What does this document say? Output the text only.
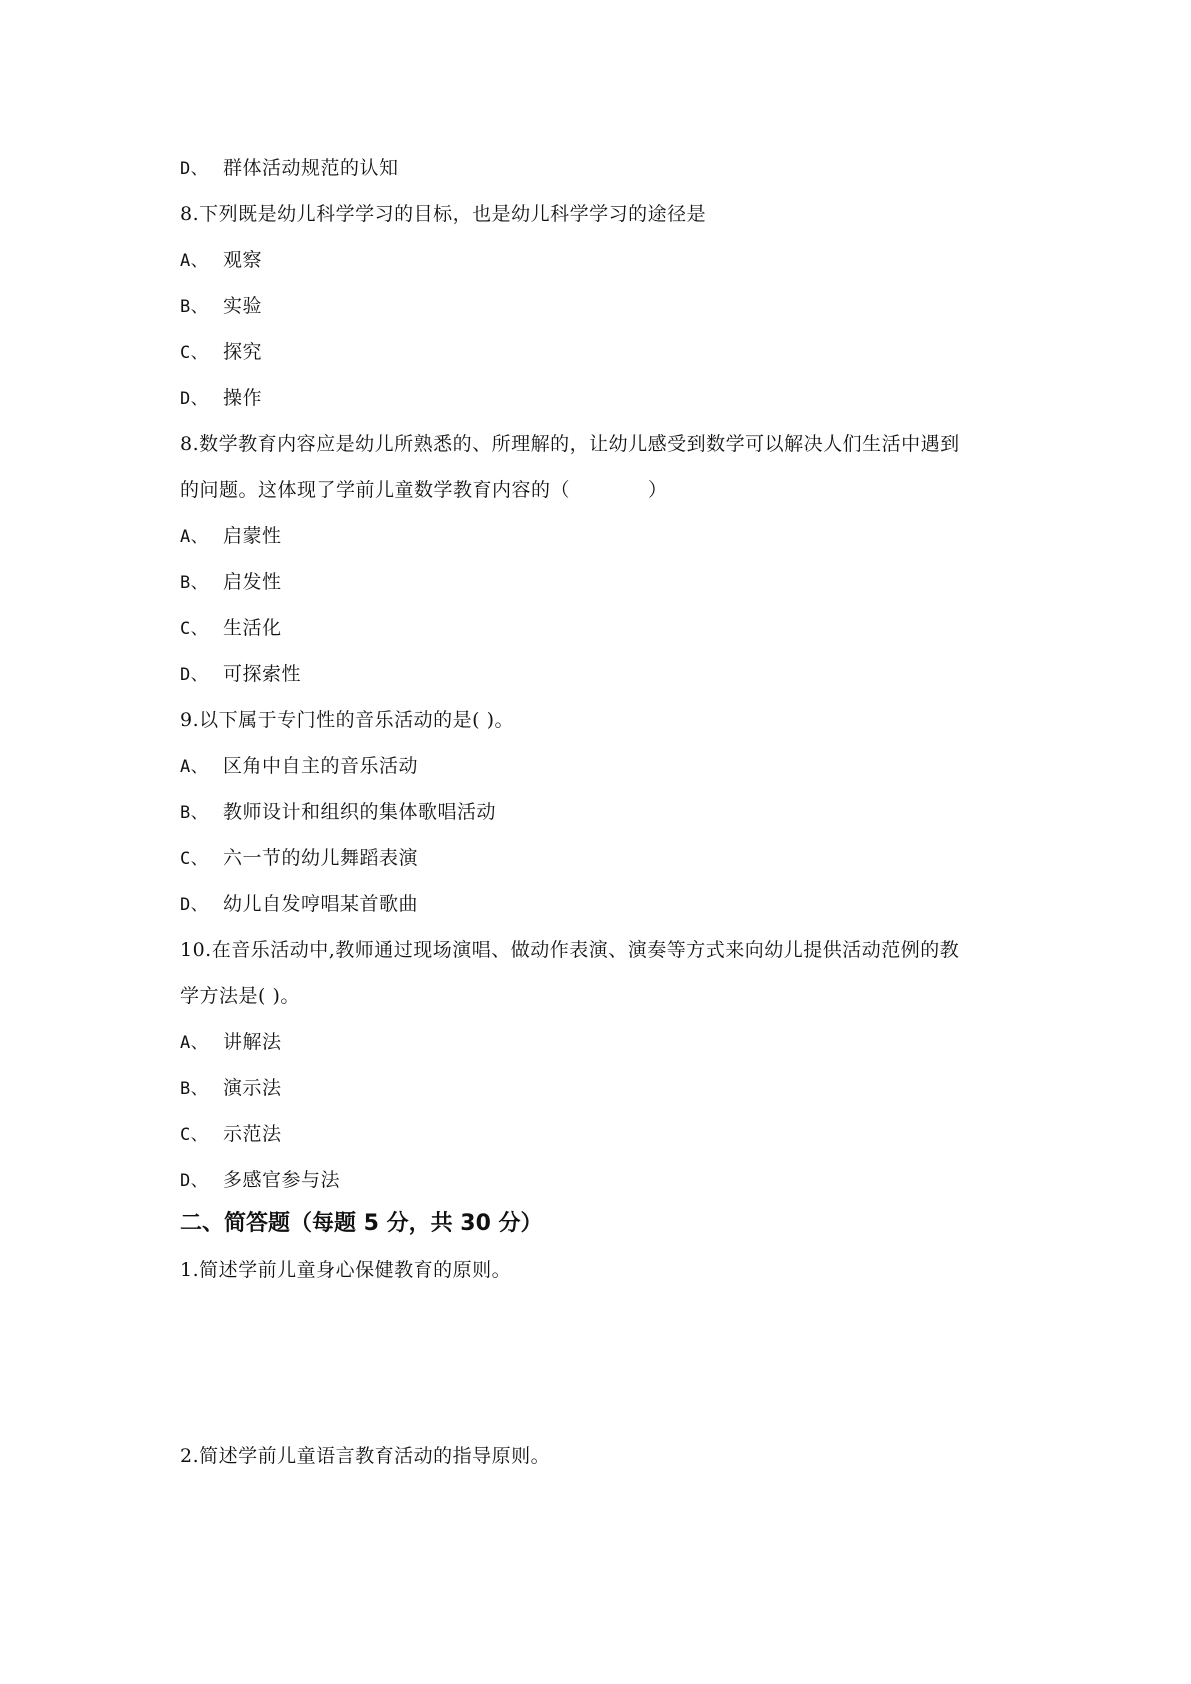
D、 群体活动规范的认知
8.下列既是幼儿科学学习的目标，也是幼儿科学学习的途径是
A、 观察
B、 实验
C、 探究
D、 操作
8.数学教育内容应是幼儿所熟悉的、所理解的，让幼儿感受到数学可以解决人们生活中遇到
的问题。这体现了学前儿童数学教育内容的（　　　　）
A、 启蒙性
B、 启发性
C、 生活化
D、 可探索性
9.以下属于专门性的音乐活动的是( )。
A、 区角中自主的音乐活动
B、 教师设计和组织的集体歌唱活动
C、 六一节的幼儿舞蹈表演
D、 幼儿自发哼唱某首歌曲
10.在音乐活动中,教师通过现场演唱、做动作表演、演奏等方式来向幼儿提供活动范例的教
学方法是( )。
A、 讲解法
B、 演示法
C、 示范法
D、 多感官参与法
二、简答题（每题 5 分，共 30 分）
1.简述学前儿童身心保健教育的原则。
2.简述学前儿童语言教育活动的指导原则。
